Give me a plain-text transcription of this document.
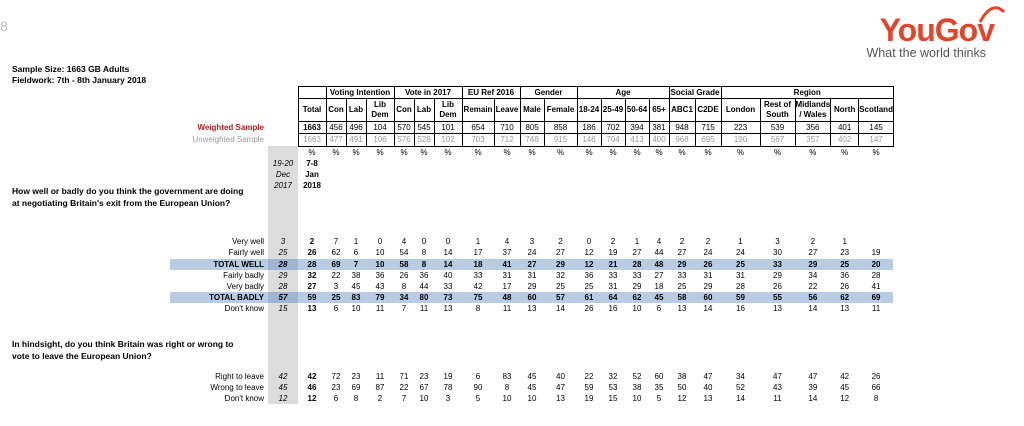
8	YouGov
What the world thinks
Sample Size: 1663 GB Adults
Fieldwork: 7th - 8th January 2018
How well or badly do you think the government are doing at negotiating Britain's exit from the European Union?
In hindsight, do you think Britain was right or wrong to vote to leave the European Union?
			Voting Intention			Vote in 2017			EU Ref 2016		Gender		Age				Social Grade		Region				
		Total	Con	Lab	Lib Dem	Con	Lab	Lib Dem	Remain	Leave	Male	Female	18-24	25-49	50-64	65+	ABC1	C2DE	London	Rest of South	Midlands / Wales	North	Scotland
Weighted Sample		1663	456	496	104	570	545	101	654	710	805	858	186	702	394	381	948	715	223	539	356	401	145
Unweighted Sample		1663	477	491	106	576	528	102	703	712	748	915	146	704	413	400	968	695	190	567	357	402	147
		%	%	%	%	%	%	%	%	%	%	%	%	%	%	%	%	%	%	%	%	%	%
	19-20	7-8																					
	Dec	Jan																					
	2017	2018																					

Very well	3	2	7	1	0	4	0	0	1	4	3	2	0	2	1	4	2	2	1	3	2	1	
Fairly well	25	26	62	6	10	54	8	14	17	37	24	27	12	19	27	44	27	24	24	30	27	23	19
TOTAL WELL	28	28	69	7	10	58	8	14	18	41	27	29	12	21	28	48	29	26	25	33	29	25	20
Fairly badly	29	32	22	38	36	26	36	40	33	31	31	32	36	33	33	27	33	31	31	29	34	36	28
Very badly	28	27	3	45	43	8	44	33	42	17	29	25	25	31	29	18	25	29	28	26	22	26	41
TOTAL BADLY	57	59	25	83	79	34	80	73	75	48	60	57	61	64	62	45	58	60	59	55	56	62	69
Don't know	15	13	6	10	11	7	11	13	8	11	13	14	26	16	10	6	13	14	16	13	14	13	11

Right to leave	42	42	72	23	11	71	23	19	6	83	45	40	22	32	52	60	38	47	34	47	47	42	26
Wrong to leave	45	46	23	69	87	22	67	78	90	8	45	47	59	53	38	35	50	40	52	43	39	45	66
Don't know	12	12	6	8	2	7	10	3	5	10	10	13	19	15	10	5	12	13	14	11	14	12	8
